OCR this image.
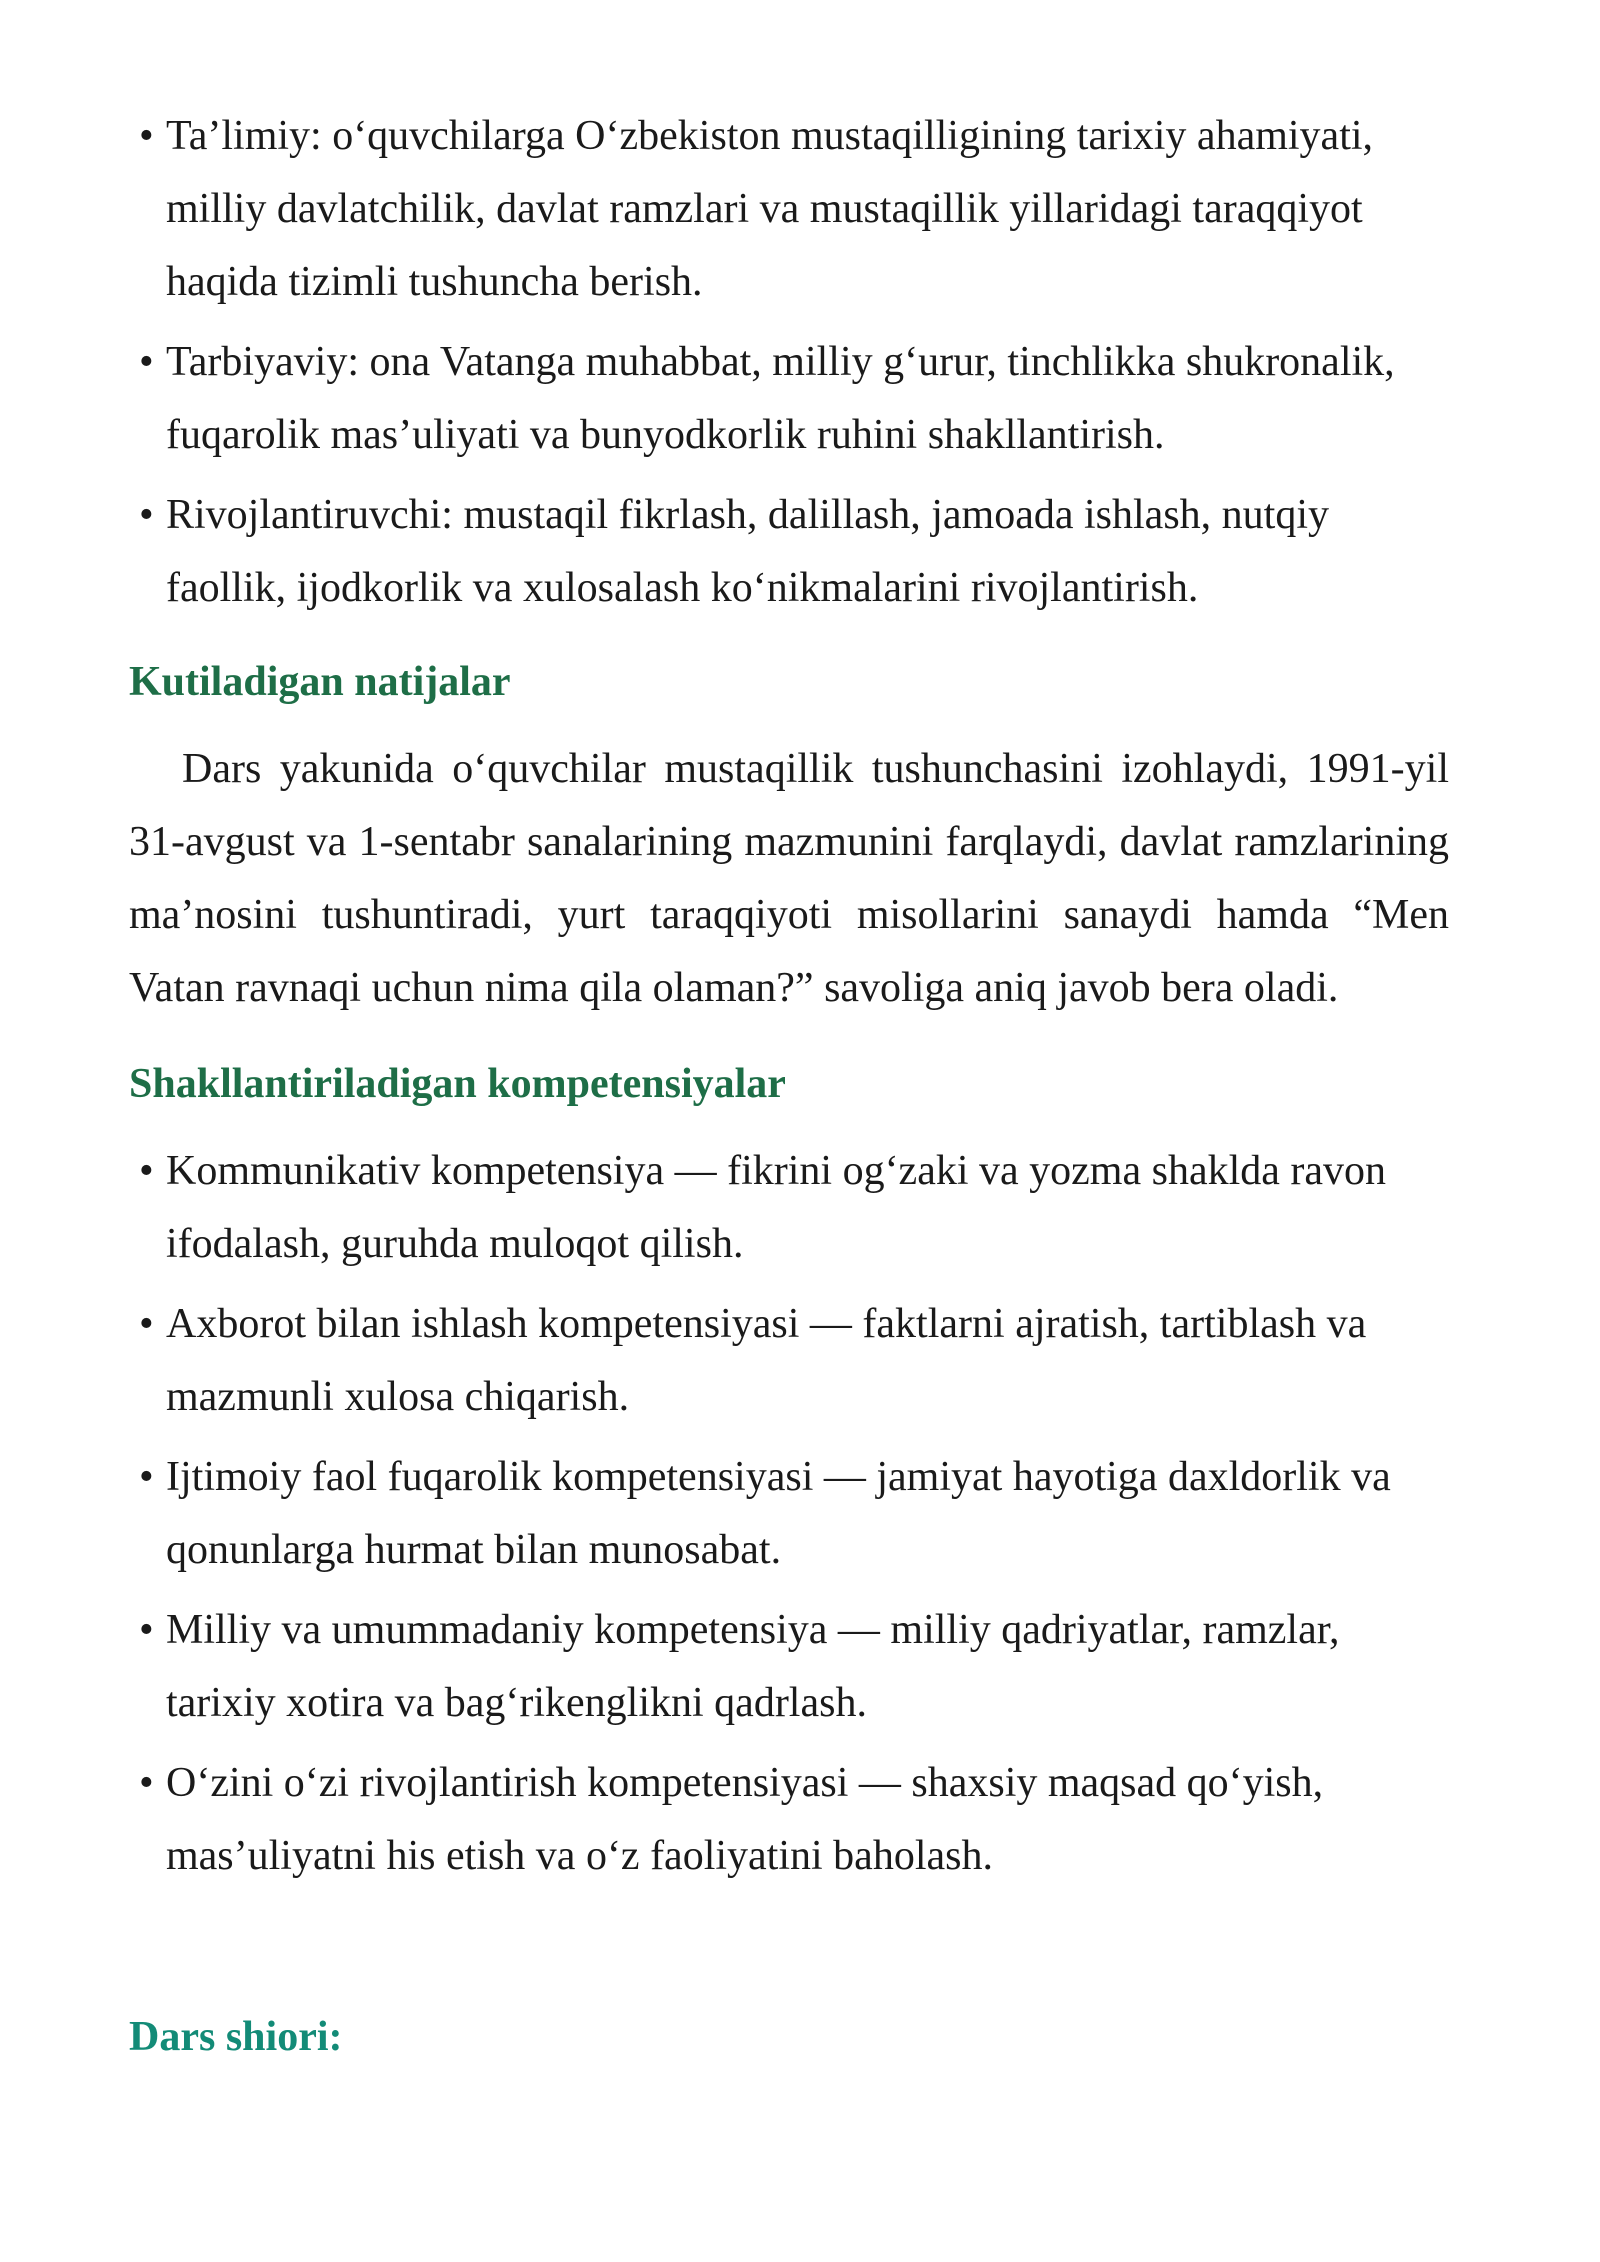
• Ta’limiy: o‘quvchilarga O‘zbekiston mustaqilligining tarixiy ahamiyati, milliy davlatchilik, davlat ramzlari va mustaqillik yillaridagi taraqqiyot haqida tizimli tushuncha berish.
• Tarbiyaviy: ona Vatanga muhabbat, milliy g‘urur, tinchlikka shukronalik, fuqarolik mas’uliyati va bunyodkorlik ruhini shakllantirish.
• Rivojlantiruvchi: mustaqil fikrlash, dalillash, jamoada ishlash, nutqiy faollik, ijodkorlik va xulosalash ko‘nikmalarini rivojlantirish.
Kutiladigan natijalar

Dars yakunida o‘quvchilar mustaqillik tushunchasini izohlaydi, 1991-yil 31-avgust va 1-sentabr sanalarining mazmunini farqlaydi, davlat ramzlarining ma’nosini tushuntiradi, yurt taraqqiyoti misollarini sanaydi hamda “Men Vatan ravnaqi uchun nima qila olaman?” savoliga aniq javob bera oladi.

Shakllantiriladigan kompetensiyalar
• Kommunikativ kompetensiya — fikrini og‘zaki va yozma shaklda ravon ifodalash, guruhda muloqot qilish.
• Axborot bilan ishlash kompetensiyasi — faktlarni ajratish, tartiblash va mazmunli xulosa chiqarish.
• Ijtimoiy faol fuqarolik kompetensiyasi — jamiyat hayotiga daxldorlik va qonunlarga hurmat bilan munosabat.
• Milliy va umummadaniy kompetensiya — milliy qadriyatlar, ramzlar, tarixiy xotira va bag‘rikenglikni qadrlash.
• O‘zini o‘zi rivojlantirish kompetensiyasi — shaxsiy maqsad qo‘yish, mas’uliyatni his etish va o‘z faoliyatini baholash.
Dars shiori:
